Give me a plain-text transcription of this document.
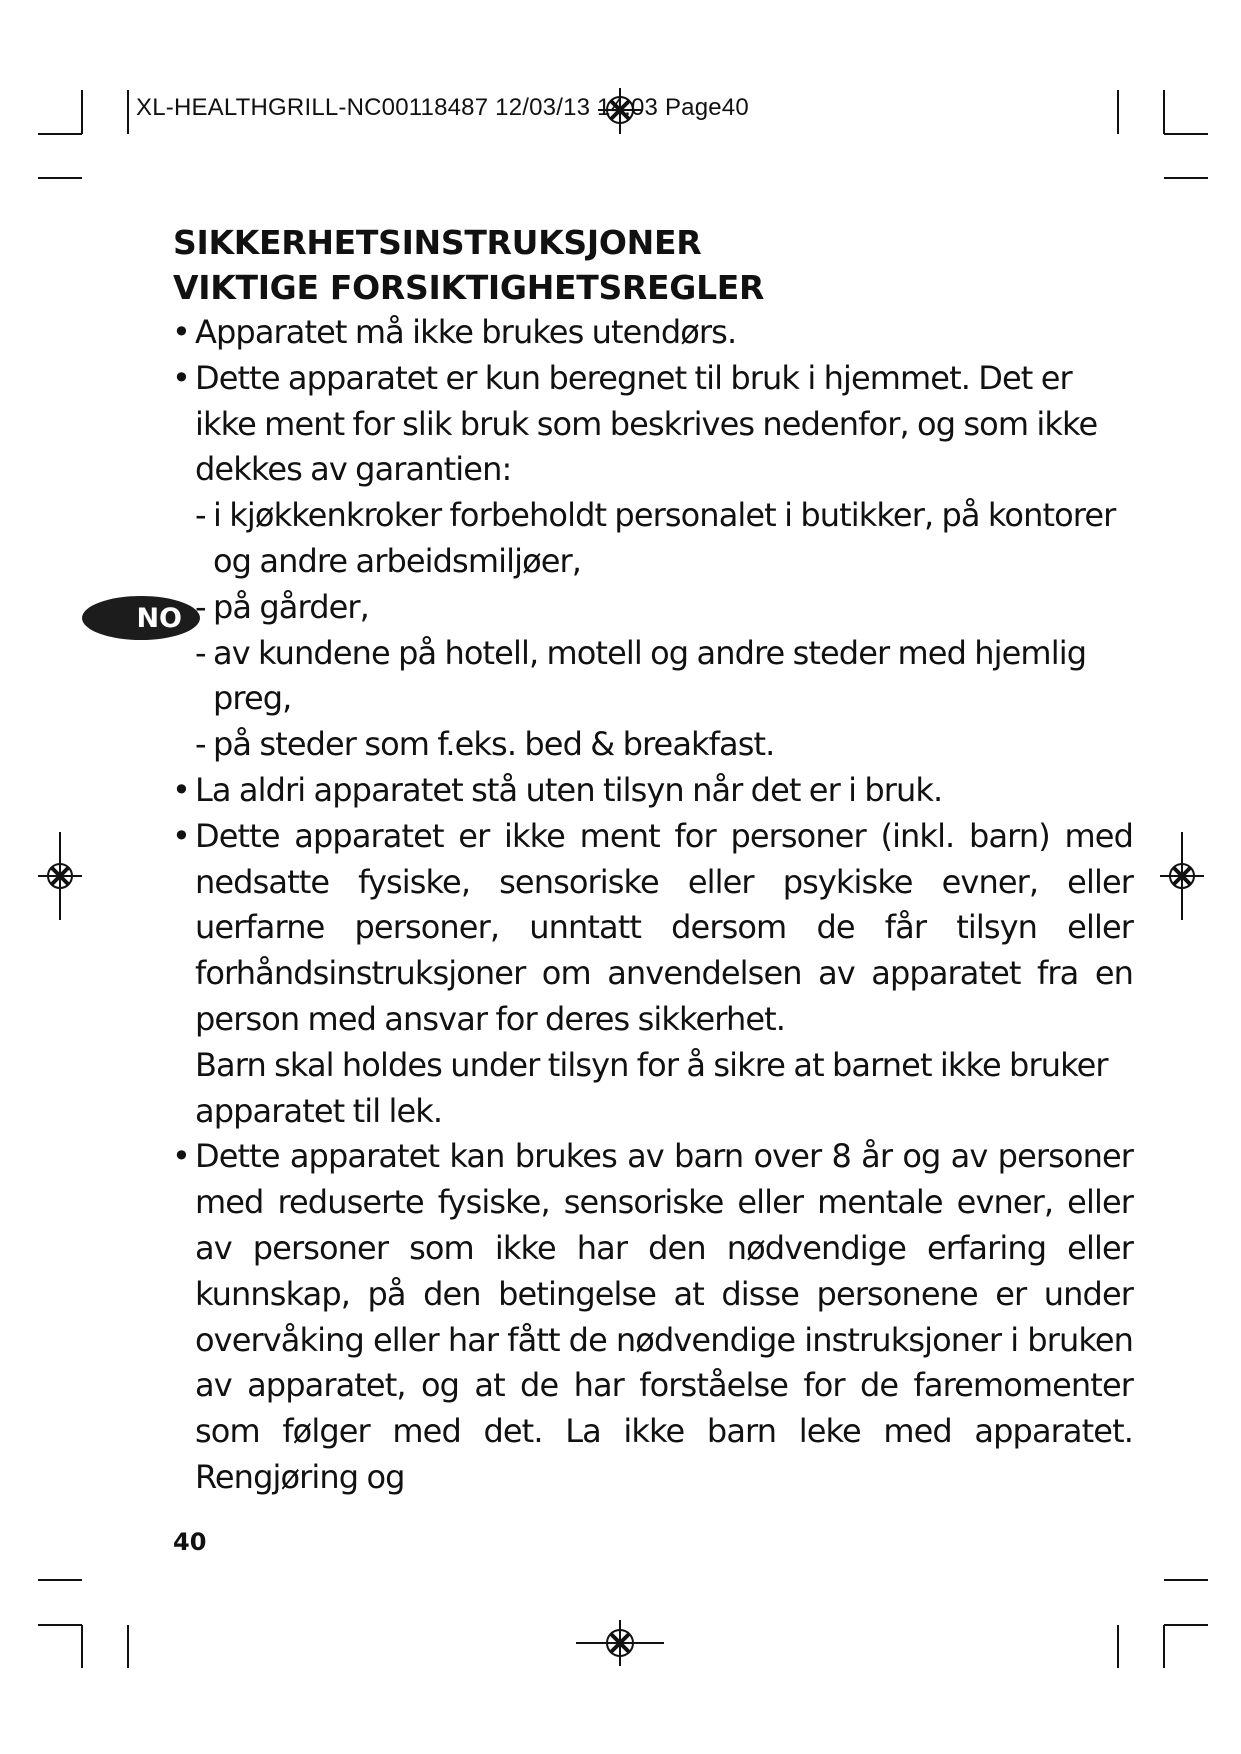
XL-HEALTHGRILL-NC00118487 12/03/13 14:03 Page40
NO
SIKKERHETSINSTRUKSJONER
VIKTIGE FORSIKTIGHETSREGLER
• Apparatet må ikke brukes utendørs.
• Dette apparatet er kun beregnet til bruk i hjemmet. Det er ikke ment for slik bruk som beskrives nedenfor, og som ikke dekkes av garantien:
- i kjøkkenkroker forbeholdt personalet i butikker, på kontorer og andre arbeidsmiljøer,
- på gårder,
- av kundene på hotell, motell og andre steder med hjemlig preg,
- på steder som f.eks. bed & breakfast.
• La aldri apparatet stå uten tilsyn når det er i bruk.
• Dette apparatet er ikke ment for personer (inkl. barn) med nedsatte fysiske, sensoriske eller psykiske evner, eller uerfarne personer, unntatt dersom de får tilsyn eller forhåndsinstruksjoner om anvendelsen av apparatet fra en person med ansvar for deres sikkerhet.
Barn skal holdes under tilsyn for å sikre at barnet ikke bruker apparatet til lek.
• Dette apparatet kan brukes av barn over 8 år og av personer med reduserte fysiske, sensoriske eller mentale evner, eller av personer som ikke har den nødvendige erfaring eller kunnskap, på den betingelse at disse personene er under overvåking eller har fått de nødvendige instruksjoner i bruken av apparatet, og at de har forståelse for de faremomenter som følger med det. La ikke barn leke med apparatet. Rengjøring og
40
